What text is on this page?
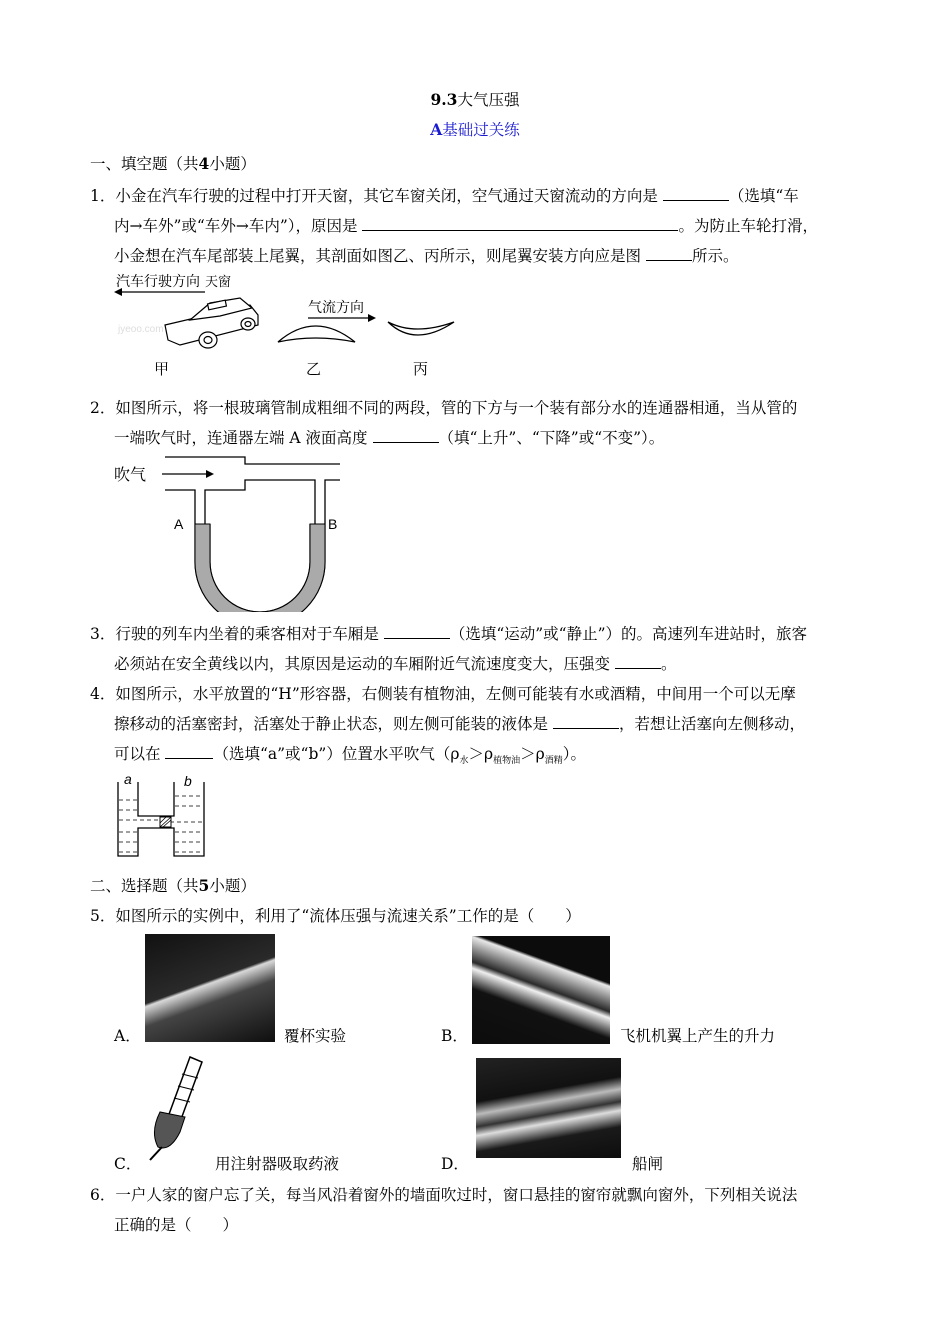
9.3大气压强
A基础过关练
一、填空题（共4小题）
1．小金在汽车行驶的过程中打开天窗，其它车窗关闭，空气通过天窗流动的方向是	（选填“车
内→车外”或“车外→车内”），原因是	。为防止车轮打滑，
小金想在汽车尾部装上尾翼，其剖面如图乙、丙所示，则尾翼安装方向应是图	所示。
汽车行驶方向 天窗
甲
气流方向
乙	丙
jyeoo.com
2．如图所示，将一根玻璃管制成粗细不同的两段，管的下方与一个装有部分水的连通器相通，当从管的
一端吹气时，连通器左端 A 液面高度	（填“上升”、“下降”或“不变”）。
吹气
A	B
3．行驶的列车内坐着的乘客相对于车厢是	（选填“运动”或“静止”）的。高速列车进站时，旅客
必须站在安全黄线以内，其原因是运动的车厢附近气流速度变大，压强变	。
4．如图所示，水平放置的“H”形容器，右侧装有植物油，左侧可能装有水或酒精，中间用一个可以无摩
擦移动的活塞密封，活塞处于静止状态，则左侧可能装的液体是	，若想让活塞向左侧移动，
可以在	（选填“a”或“b”）位置水平吹气$(\rho_水>\rho_{植物油}>\rho_{酒精})$。
a	b
二、选择题（共5小题）
5．如图所示的实例中，利用了“流体压强与流速关系”工作的是（　　）
A．	覆杯实验	B．	飞机机翼上产生的升力
C．	用注射器吸取药液	D．	船闸
6．一户人家的窗户忘了关，每当风沿着窗外的墙面吹过时，窗口悬挂的窗帘就飘向窗外，下列相关说法
正确的是（　　）
